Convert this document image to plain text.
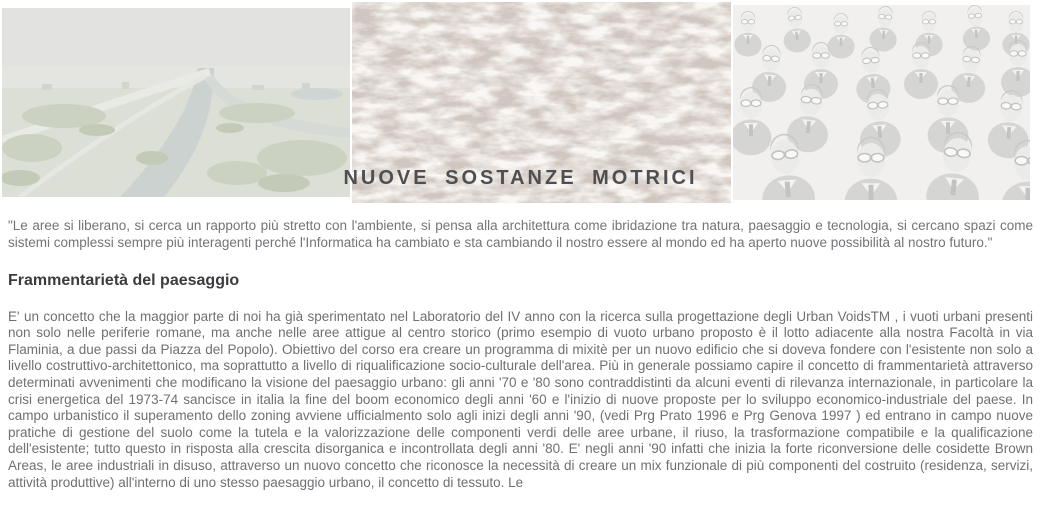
NUOVE SOSTANZE MOTRICI

"Le aree si liberano, si cerca un rapporto più stretto con l'ambiente, si pensa alla architettura come ibridazione tra natura, paesaggio e tecnologia, si cercano spazi come sistemi complessi sempre più interagenti perché l'Informatica ha cambiato e sta cambiando il nostro essere al mondo ed ha aperto nuove possibilità al nostro futuro."

Frammentarietà del paesaggio

E' un concetto che la maggior parte di noi ha già sperimentato nel Laboratorio del IV anno con la ricerca sulla progettazione degli Urban VoidsTM , i vuoti urbani presenti non solo nelle periferie romane, ma anche nelle aree attigue al centro storico (primo esempio di vuoto urbano proposto è il lotto adiacente alla nostra Facoltà in via Flaminia, a due passi da Piazza del Popolo). Obiettivo del corso era creare un programma di mixitè per un nuovo edificio che si doveva fondere con l'esistente non solo a livello costruttivo-architettonico, ma soprattutto a livello di riqualificazione socio-culturale dell'area. Più in generale possiamo capire il concetto di frammentarietà attraverso determinati avvenimenti che modificano la visione del paesaggio urbano: gli anni '70 e '80 sono contraddistinti da alcuni eventi di rilevanza internazionale, in particolare la crisi energetica del 1973-74 sancisce in italia la fine del boom economico degli anni '60 e l'inizio di nuove proposte per lo sviluppo economico-industriale del paese. In campo urbanistico il superamento dello zoning avviene ufficialmento solo agli inizi degli anni '90, (vedi Prg Prato 1996 e Prg Genova 1997 ) ed entrano in campo nuove pratiche di gestione del suolo come la tutela e la valorizzazione delle componenti verdi delle aree urbane, il riuso, la trasformazione compatibile e la qualificazione dell'esistente; tutto questo in risposta alla crescita disorganica e incontrollata degli anni '80. E' negli anni '90 infatti che inizia la forte riconversione delle cosidette Brown Areas, le aree industriali in disuso, attraverso un nuovo concetto che riconosce la necessità di creare un mix funzionale di più componenti del costruito (residenza, servizi, attività produttive) all'interno di uno stesso paesaggio urbano, il concetto di tessuto. Le
